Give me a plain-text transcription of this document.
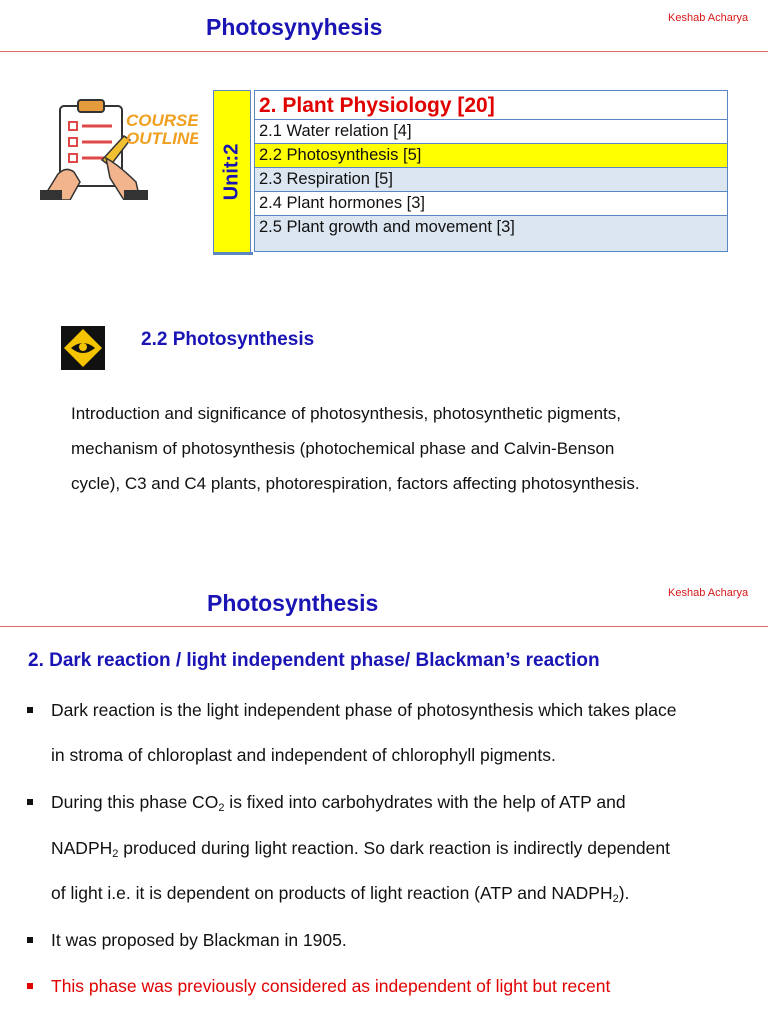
Photosynyhesis	Keshab Acharya
COURSE
OUTLINE
Unit:2
2. Plant Physiology [20]
2.1 Water relation [4]
2.2 Photosynthesis [5]
2.3 Respiration [5]
2.4 Plant hormones [3]
2.5 Plant growth and movement [3]
2.2 Photosynthesis
Introduction and significance of photosynthesis, photosynthetic pigments,
mechanism of photosynthesis (photochemical phase and Calvin-Benson
cycle), C3 and C4 plants, photorespiration, factors affecting photosynthesis.
Photosynthesis	Keshab Acharya
2. Dark reaction / light independent phase/ Blackman’s reaction
Dark reaction is the light independent phase of photosynthesis which takes place
in stroma of chloroplast and independent of chlorophyll pigments.
During this phase $CO_2$ is fixed into carbohydrates with the help of ATP and
$NADPH_2$ produced during light reaction. So dark reaction is indirectly dependent
of light i.e. it is dependent on products of light reaction (ATP and $NADPH_2$).
It was proposed by Blackman in 1905.
This phase was previously considered as independent of light but recent
